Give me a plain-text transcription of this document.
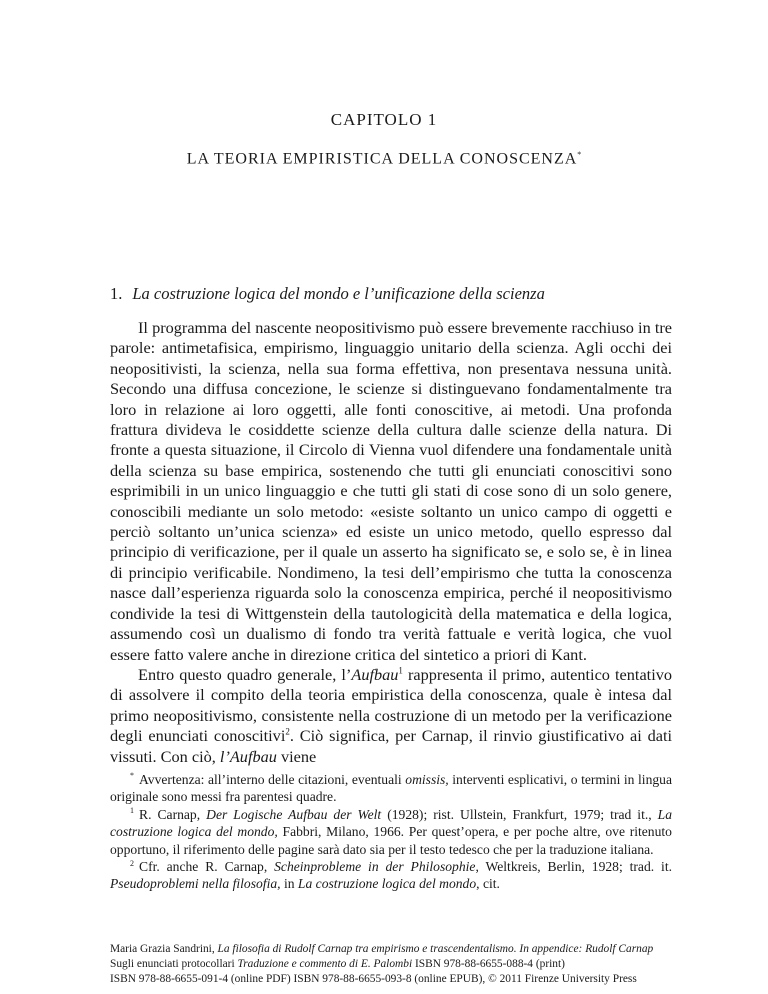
CAPITOLO 1
LA TEORIA EMPIRISTICA DELLA CONOSCENZA*
1. La costruzione logica del mondo e l’unificazione della scienza

Il programma del nascente neopositivismo può essere brevemente racchiuso in tre parole: antimetafisica, empirismo, linguaggio unitario della scienza. Agli occhi dei neopositivisti, la scienza, nella sua forma effettiva, non presentava nessuna unità. Secondo una diffusa concezione, le scienze si distinguevano fondamentalmente tra loro in relazione ai loro oggetti, alle fonti conoscitive, ai metodi. Una profonda frattura divideva le cosiddette scienze della cultura dalle scienze della natura. Di fronte a questa situazione, il Circolo di Vienna vuol difendere una fondamentale unità della scienza su base empirica, sostenendo che tutti gli enunciati conoscitivi sono esprimibili in un unico linguaggio e che tutti gli stati di cose sono di un solo genere, conoscibili mediante un solo metodo: «esiste soltanto un unico campo di oggetti e perciò soltanto un’unica scienza» ed esiste un unico metodo, quello espresso dal principio di verificazione, per il quale un asserto ha significato se, e solo se, è in linea di principio verificabile. Nondimeno, la tesi dell’empirismo che tutta la conoscenza nasce dall’esperienza riguarda solo la conoscenza empirica, perché il neopositivismo condivide la tesi di Wittgenstein della tautologicità della matematica e della logica, assumendo così un dualismo di fondo tra verità fattuale e verità logica, che vuol essere fatto valere anche in direzione critica del sintetico a priori di Kant.

Entro questo quadro generale, l’Aufbau$^1$ rappresenta il primo, autentico tentativo di assolvere il compito della teoria empiristica della conoscenza, quale è intesa dal primo neopositivismo, consistente nella costruzione di un metodo per la verificazione degli enunciati conoscitivi$^2$. Ciò significa, per Carnap, il rinvio giustificativo ai dati vissuti. Con ciò, l’Aufbau viene

* Avvertenza: all’interno delle citazioni, eventuali omissis, interventi esplicativi, o termini in lingua originale sono messi fra parentesi quadre.

$^1$ R. Carnap, Der Logische Aufbau der Welt (1928); rist. Ullstein, Frankfurt, 1979; trad it., La costruzione logica del mondo, Fabbri, Milano, 1966. Per quest’opera, e per poche altre, ove ritenuto opportuno, il riferimento delle pagine sarà dato sia per il testo tedesco che per la traduzione italiana.

$^2$ Cfr. anche R. Carnap, Scheinprobleme in der Philosophie, Weltkreis, Berlin, 1928; trad. it. Pseudoproblemi nella filosofia, in La costruzione logica del mondo, cit.

Maria Grazia Sandrini, La filosofia di Rudolf Carnap tra empirismo e trascendentalismo. In appendice: Rudolf Carnap Sugli enunciati protocollari Traduzione e commento di E. Palombi ISBN 978-88-6655-088-4 (print)

ISBN 978-88-6655-091-4 (online PDF) ISBN 978-88-6655-093-8 (online EPUB), © 2011 Firenze University Press
